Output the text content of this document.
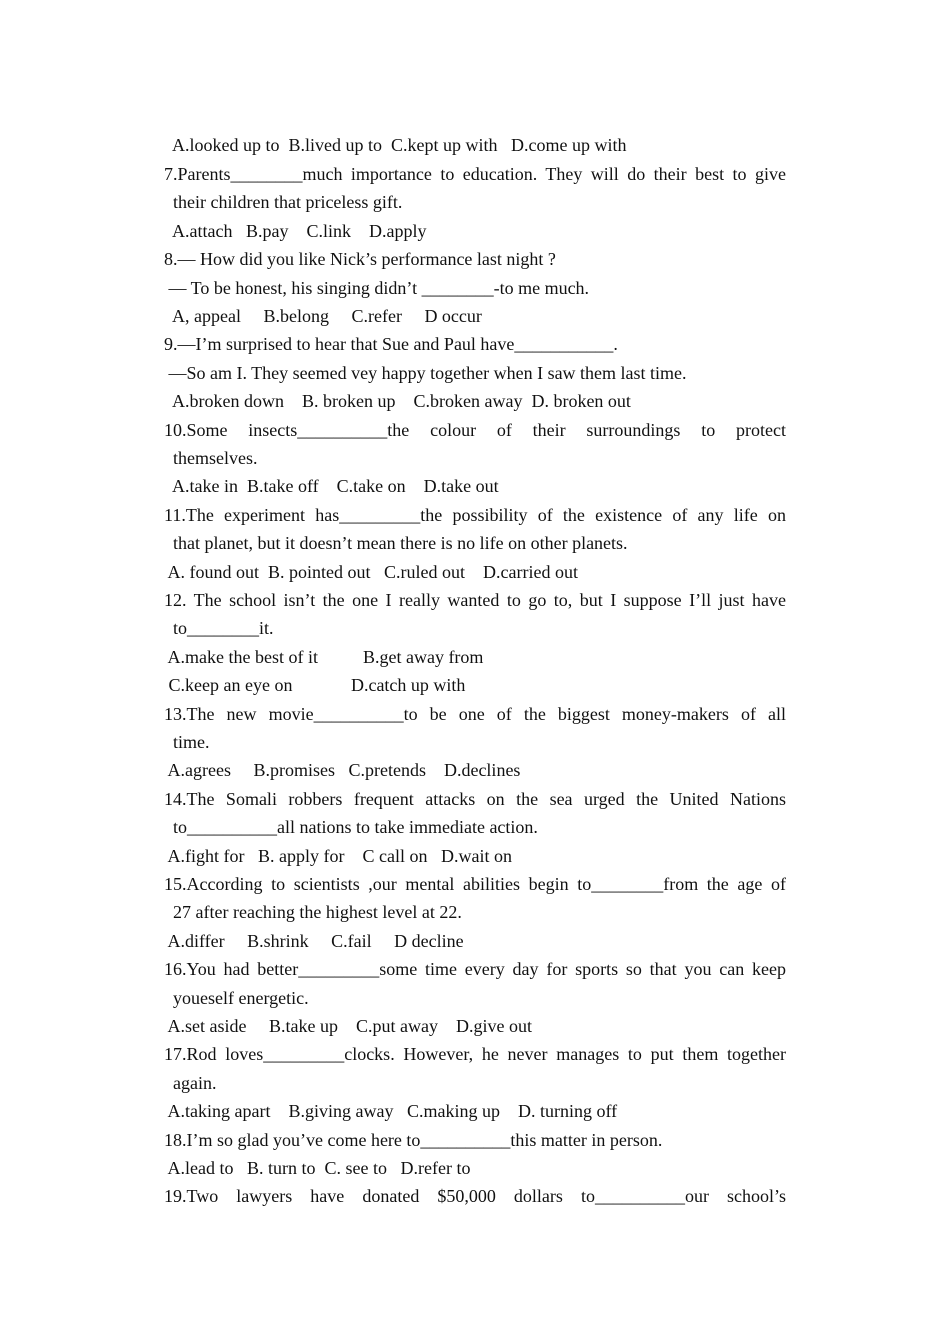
A.looked up to  B.lived up to  C.kept up with   D.come up with
7.Parents________much importance to education. They will do their best to give
their children that priceless gift.
A.attach   B.pay    C.link    D.apply
8.— How did you like Nick’s performance last night ?
— To be honest, his singing didn’t ________-to me much.
A, appeal     B.belong     C.refer     D occur
9.—I’m surprised to hear that Sue and Paul have___________.
—So am I. They seemed vey happy together when I saw them last time.
A.broken down    B. broken up    C.broken away  D. broken out
10.Some insects__________the colour of their surroundings to protect
themselves.
A.take in  B.take off    C.take on    D.take out
11.The experiment has_________the possibility of the existence of any life on
that planet, but it doesn’t mean there is no life on other planets.
A. found out  B. pointed out   C.ruled out    D.carried out
12. The school isn’t the one I really wanted to go to, but I suppose I’ll just have
to________it.
A.make the best of it          B.get away from
C.keep an eye on             D.catch up with
13.The new movie__________to be one of the biggest money-makers of all
time.
A.agrees     B.promises   C.pretends    D.declines
14.The Somali robbers frequent attacks on the sea urged the United Nations
to__________all nations to take immediate action.
A.fight for   B. apply for    C call on   D.wait on
15.According to scientists ,our mental abilities begin to________from the age of
27 after reaching the highest level at 22.
A.differ     B.shrink     C.fail     D decline
16.You had better_________some time every day for sports so that you can keep
youeself energetic.
A.set aside     B.take up    C.put away    D.give out
17.Rod loves_________clocks. However, he never manages to put them together
again.
A.taking apart    B.giving away   C.making up    D. turning off
18.I’m so glad you’ve come here to__________this matter in person.
A.lead to   B. turn to  C. see to   D.refer to
19.Two lawyers have donated $50,000 dollars to__________our school’s
